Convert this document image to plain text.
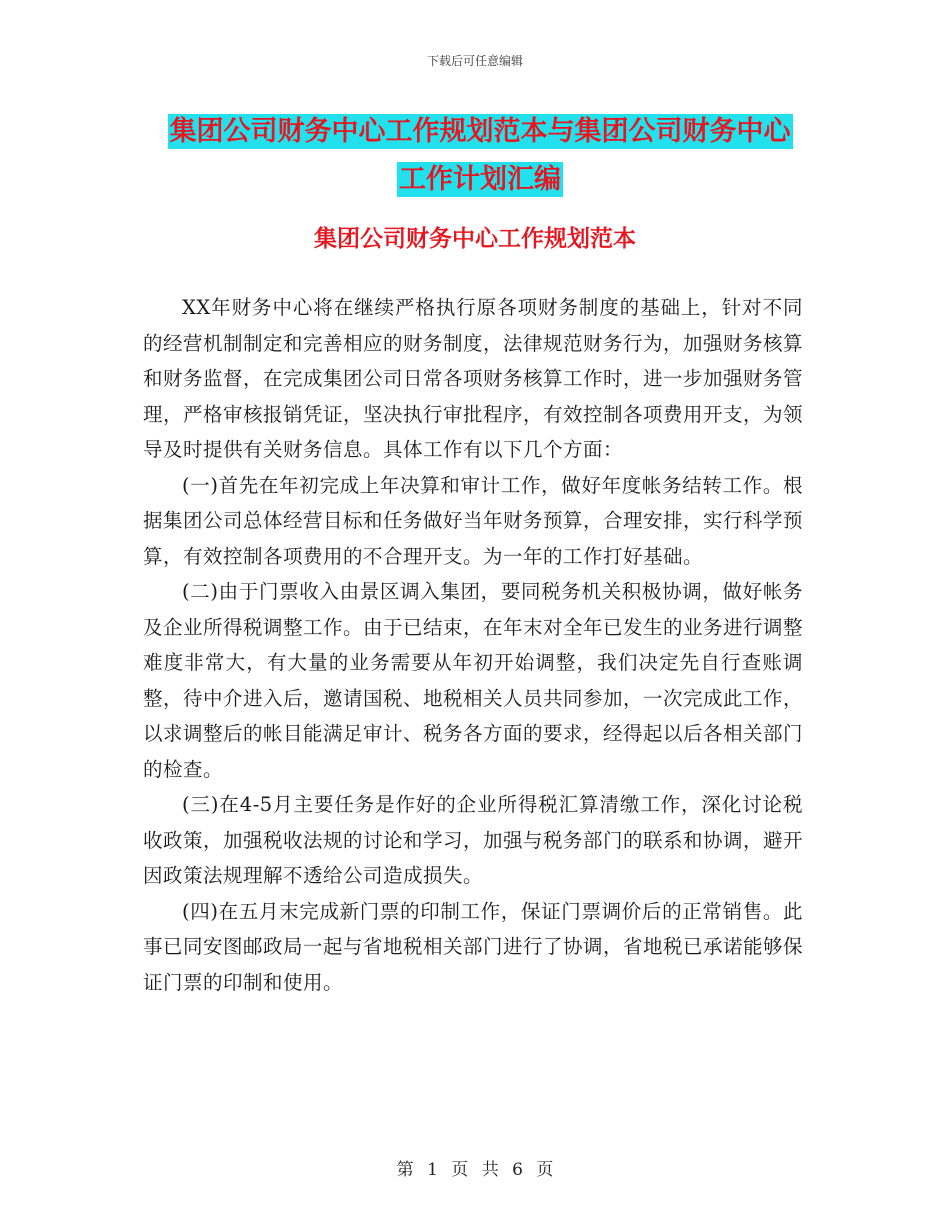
下载后可任意编辑
集团公司财务中心工作规划范本与集团公司财务中心
工作计划汇编
集团公司财务中心工作规划范本

XX年财务中心将在继续严格执行原各项财务制度的基础上，针对不同的经营机制制定和完善相应的财务制度，法律规范财务行为，加强财务核算和财务监督，在完成集团公司日常各项财务核算工作时，进一步加强财务管理，严格审核报销凭证，坚决执行审批程序，有效控制各项费用开支，为领导及时提供有关财务信息。具体工作有以下几个方面：

(一)首先在年初完成上年决算和审计工作，做好年度帐务结转工作。根据集团公司总体经营目标和任务做好当年财务预算，合理安排，实行科学预算，有效控制各项费用的不合理开支。为一年的工作打好基础。

(二)由于门票收入由景区调入集团，要同税务机关积极协调，做好帐务及企业所得税调整工作。由于已结束，在年末对全年已发生的业务进行调整难度非常大，有大量的业务需要从年初开始调整，我们决定先自行查账调整，待中介进入后，邀请国税、地税相关人员共同参加，一次完成此工作，以求调整后的帐目能满足审计、税务各方面的要求，经得起以后各相关部门的检查。

(三)在4-5月主要任务是作好的企业所得税汇算清缴工作，深化讨论税收政策，加强税收法规的讨论和学习，加强与税务部门的联系和协调，避开因政策法规理解不透给公司造成损失。

(四)在五月末完成新门票的印制工作，保证门票调价后的正常销售。此事已同安图邮政局一起与省地税相关部门进行了协调，省地税已承诺能够保证门票的印制和使用。

第 1 页 共 6 页
